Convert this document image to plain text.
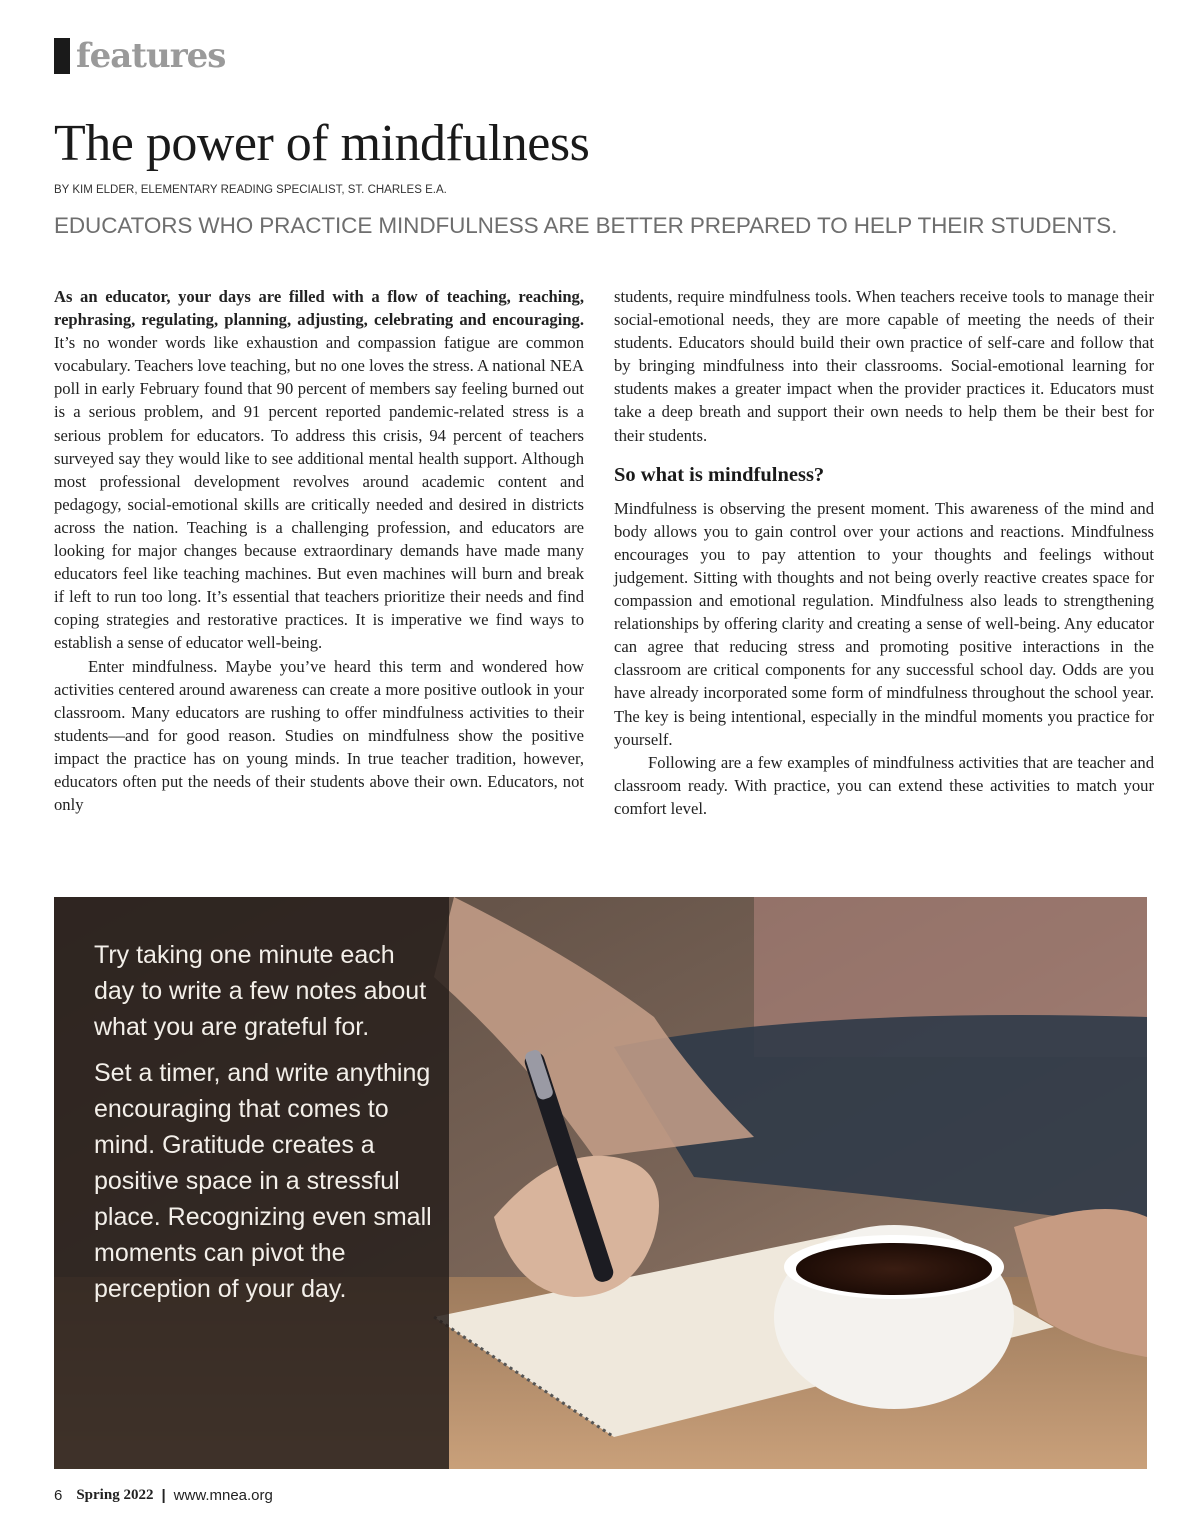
features
The power of mindfulness
BY KIM ELDER, ELEMENTARY READING SPECIALIST, ST. CHARLES E.A.
EDUCATORS WHO PRACTICE MINDFULNESS ARE BETTER PREPARED TO HELP THEIR STUDENTS.

As an educator, your days are filled with a flow of teaching, reaching, rephrasing, regulating, planning, adjusting, celebrating and encouraging. It’s no wonder words like exhaustion and compassion fatigue are common vocabulary. Teachers love teaching, but no one loves the stress. A national NEA poll in early February found that 90 percent of members say feeling burned out is a serious problem, and 91 percent reported pandemic-related stress is a serious problem for educators. To address this crisis, 94 percent of teachers surveyed say they would like to see additional mental health support. Although most professional development revolves around academic content and pedagogy, social-emotional skills are critically needed and desired in districts across the nation. Teaching is a challenging profession, and educators are looking for major changes because extraordinary demands have made many educators feel like teaching machines. But even machines will burn and break if left to run too long. It’s essential that teachers prioritize their needs and find coping strategies and restorative practices. It is imperative we find ways to establish a sense of educator well-being.

Enter mindfulness. Maybe you’ve heard this term and wondered how activities centered around awareness can create a more positive outlook in your classroom. Many educators are rushing to offer mindfulness activities to their students—and for good reason. Studies on mindfulness show the positive impact the practice has on young minds. In true teacher tradition, however, educators often put the needs of their students above their own. Educators, not only

students, require mindfulness tools. When teachers receive tools to manage their social-emotional needs, they are more capable of meeting the needs of their students. Educators should build their own practice of self-care and follow that by bringing mindfulness into their classrooms. Social-emotional learning for students makes a greater impact when the provider practices it. Educators must take a deep breath and support their own needs to help them be their best for their students.

So what is mindfulness?

Mindfulness is observing the present moment. This awareness of the mind and body allows you to gain control over your actions and reactions. Mindfulness encourages you to pay attention to your thoughts and feelings without judgement. Sitting with thoughts and not being overly reactive creates space for compassion and emotional regulation. Mindfulness also leads to strengthening relationships by offering clarity and creating a sense of well-being. Any educator can agree that reducing stress and promoting positive interactions in the classroom are critical components for any successful school day. Odds are you have already incorporated some form of mindfulness throughout the school year. The key is being intentional, especially in the mindful moments you practice for yourself.

Following are a few examples of mindfulness activities that are teacher and classroom ready. With practice, you can extend these activities to match your comfort level.

Try taking one minute each day to write a few notes about what you are grateful for.

Set a timer, and write anything encouraging that comes to mind. Gratitude creates a positive space in a stressful place. Recognizing even small moments can pivot the perception of your day.

6 Spring 2022 | www.mnea.org
